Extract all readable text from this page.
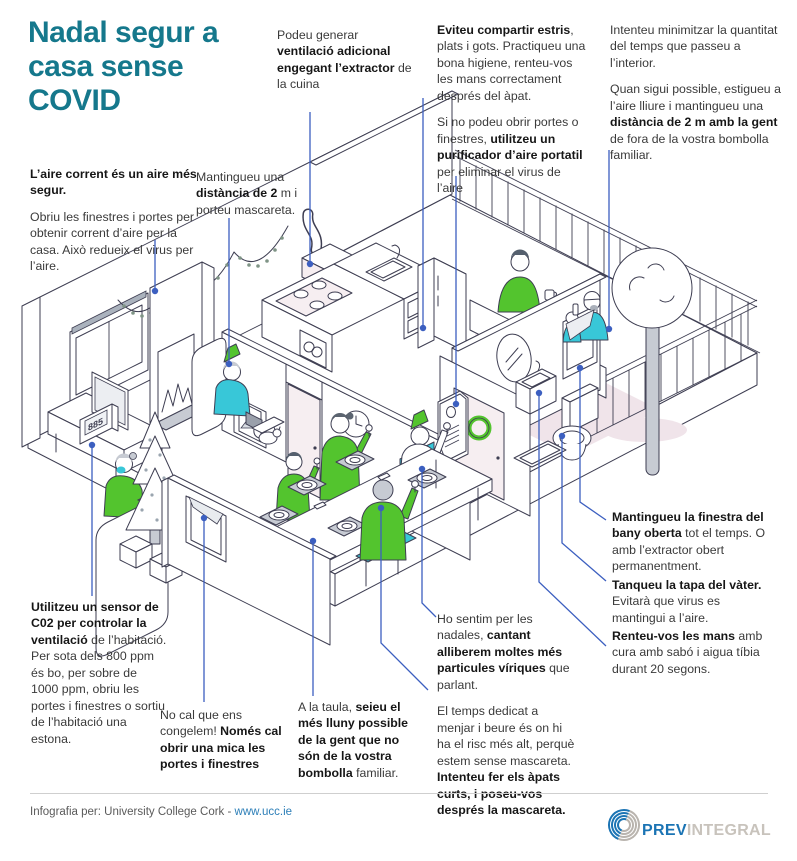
885
Nadal segur a casa sense COVID

L’aire corrent és un aire més segur.

Obriu les finestres i portes per obtenir corrent d’aire per la casa. Això redueix el virus per l’aire.

Mantingueu una distància de 2 m i porteu mascareta.

Podeu generar ventilació adicional engegant l’extractor de la cuina

Eviteu compartir estris, plats i gots. Practiqueu una bona higiene, renteu-vos les mans correctament després del àpat.

Si no podeu obrir portes o finestres, utilitzeu un purificador d’aire portatil per eliminar el virus de l’aire

Intenteu minimitzar la quantitat del temps que passeu a l’interior.

Quan sigui possible, estigueu a l’aire lliure i mantingueu una distància de 2 m amb la gent de fora de la vostra bombolla familiar.

Mantingueu la finestra del bany oberta tot el temps. O amb l’extractor obert permanentment.

Tanqueu la tapa del vàter. Evitarà que virus es mantingui a l’aire.

Renteu-vos les mans amb cura amb sabó i aigua tíbia durant 20 segons.

Utilitzeu un sensor de C02 per controlar la ventilació de l’habitació. Per sota dels 800 ppm és bo, per sobre de 1000 ppm, obriu les portes i finestres o sortiu de l’habitació una estona.

No cal que ens congelem! Només cal obrir una mica les portes i finestres

A la taula, seieu el més lluny possible de la gent que no són de la vostra bombolla familiar.

Ho sentim per les nadales, cantant alliberem moltes més particules víriques que parlant.

El temps dedicat a menjar i beure és on hi ha el risc més alt, perquè estem sense mascareta. Intenteu fer els àpats curts, i poseu-vos després la mascareta.

Infografia per: University College Cork - www.ucc.ie
PREVINTEGRAL
